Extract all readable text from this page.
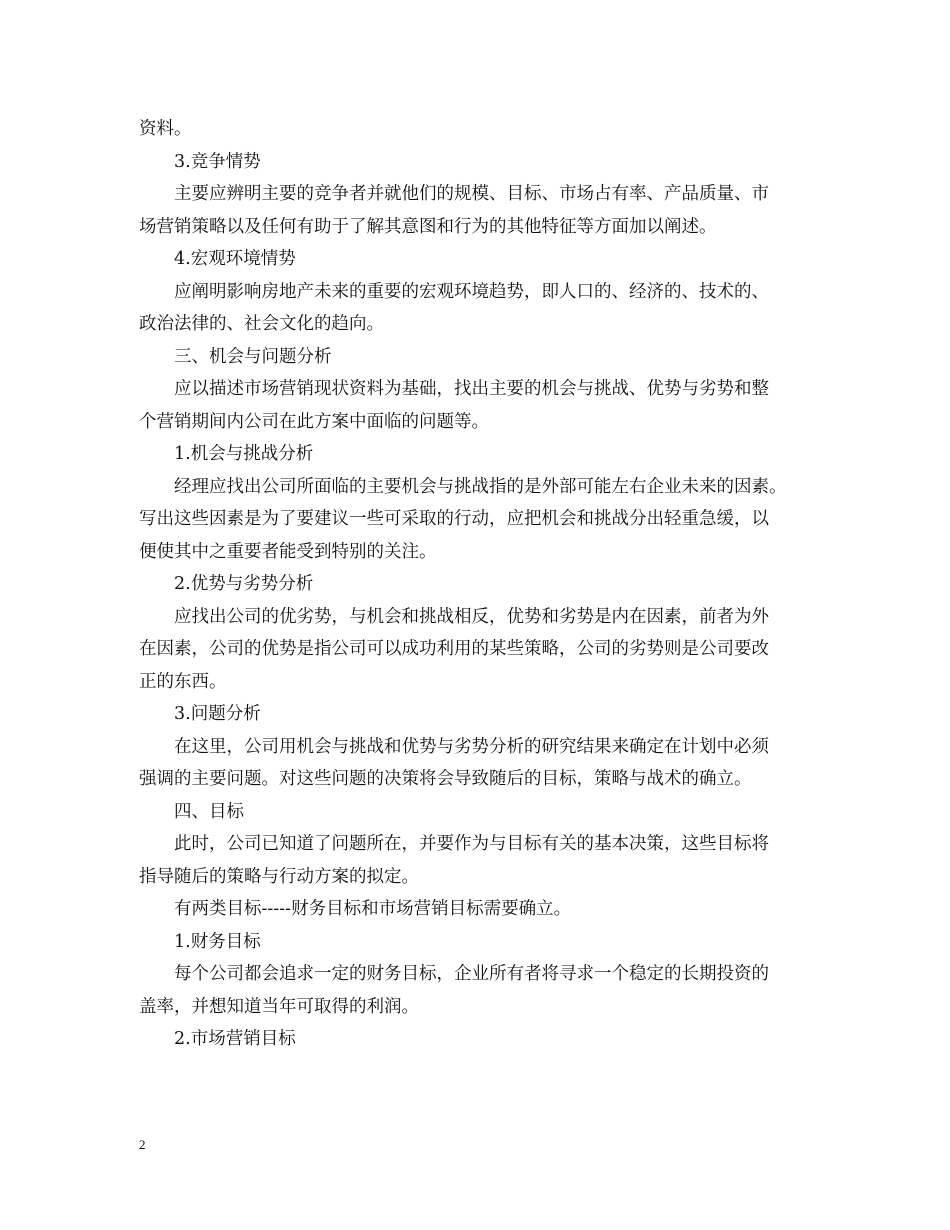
资料。
3.竞争情势
主要应辨明主要的竞争者并就他们的规模、目标、市场占有率、产品质量、市
场营销策略以及任何有助于了解其意图和行为的其他特征等方面加以阐述。
4.宏观环境情势
应阐明影响房地产未来的重要的宏观环境趋势，即人口的、经济的、技术的、
政治法律的、社会文化的趋向。
三、机会与问题分析
应以描述市场营销现状资料为基础，找出主要的机会与挑战、优势与劣势和整
个营销期间内公司在此方案中面临的问题等。
1.机会与挑战分析
经理应找出公司所面临的主要机会与挑战指的是外部可能左右企业未来的因素。
写出这些因素是为了要建议一些可采取的行动，应把机会和挑战分出轻重急缓，以
便使其中之重要者能受到特别的关注。
2.优势与劣势分析
应找出公司的优劣势，与机会和挑战相反，优势和劣势是内在因素，前者为外
在因素，公司的优势是指公司可以成功利用的某些策略，公司的劣势则是公司要改
正的东西。
3.问题分析
在这里，公司用机会与挑战和优势与劣势分析的研究结果来确定在计划中必须
强调的主要问题。对这些问题的决策将会导致随后的目标，策略与战术的确立。
四、目标
此时，公司已知道了问题所在，并要作为与目标有关的基本决策，这些目标将
指导随后的策略与行动方案的拟定。
有两类目标-----财务目标和市场营销目标需要确立。
1.财务目标
每个公司都会追求一定的财务目标，企业所有者将寻求一个稳定的长期投资的
盖率，并想知道当年可取得的利润。
2.市场营销目标
2
